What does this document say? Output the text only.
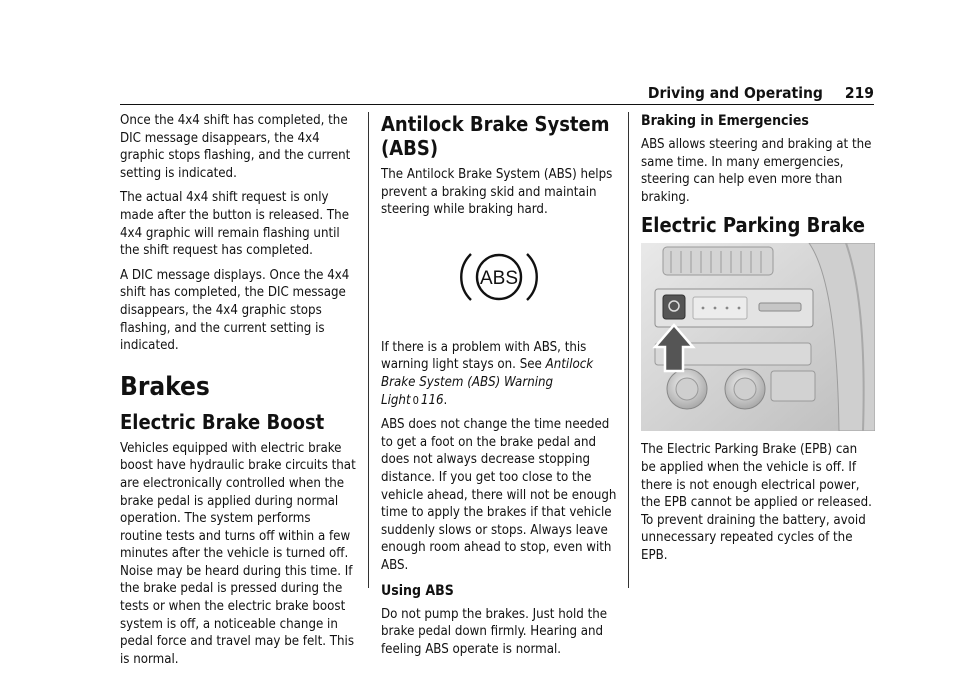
Driving and Operating 219

Once the 4x4 shift has completed, the DIC message disappears, the 4x4 graphic stops flashing, and the current setting is indicated.

The actual 4x4 shift request is only made after the button is released. The 4x4 graphic will remain flashing until the shift request has completed.

A DIC message displays. Once the 4x4 shift has completed, the DIC message disappears, the 4x4 graphic stops flashing, and the current setting is indicated.

Brakes
Electric Brake Boost

Vehicles equipped with electric brake boost have hydraulic brake circuits that are electronically controlled when the brake pedal is applied during normal operation. The system performs routine tests and turns off within a few minutes after the vehicle is turned off. Noise may be heard during this time. If the brake pedal is pressed during the tests or when the electric brake boost system is off, a noticeable change in pedal force and travel may be felt. This is normal.

Antilock Brake System (ABS)

The Antilock Brake System (ABS) helps prevent a braking skid and maintain steering while braking hard.

ABS

If there is a problem with ABS, this warning light stays on. See Antilock Brake System (ABS) Warning Light 0 116.

ABS does not change the time needed to get a foot on the brake pedal and does not always decrease stopping distance. If you get too close to the vehicle ahead, there will not be enough time to apply the brakes if that vehicle suddenly slows or stops. Always leave enough room ahead to stop, even with ABS.

Using ABS

Do not pump the brakes. Just hold the brake pedal down firmly. Hearing and feeling ABS operate is normal.

Braking in Emergencies

ABS allows steering and braking at the same time. In many emergencies, steering can help even more than braking.

Electric Parking Brake

The Electric Parking Brake (EPB) can be applied when the vehicle is off. If there is not enough electrical power, the EPB cannot be applied or released. To prevent draining the battery, avoid unnecessary repeated cycles of the EPB.
